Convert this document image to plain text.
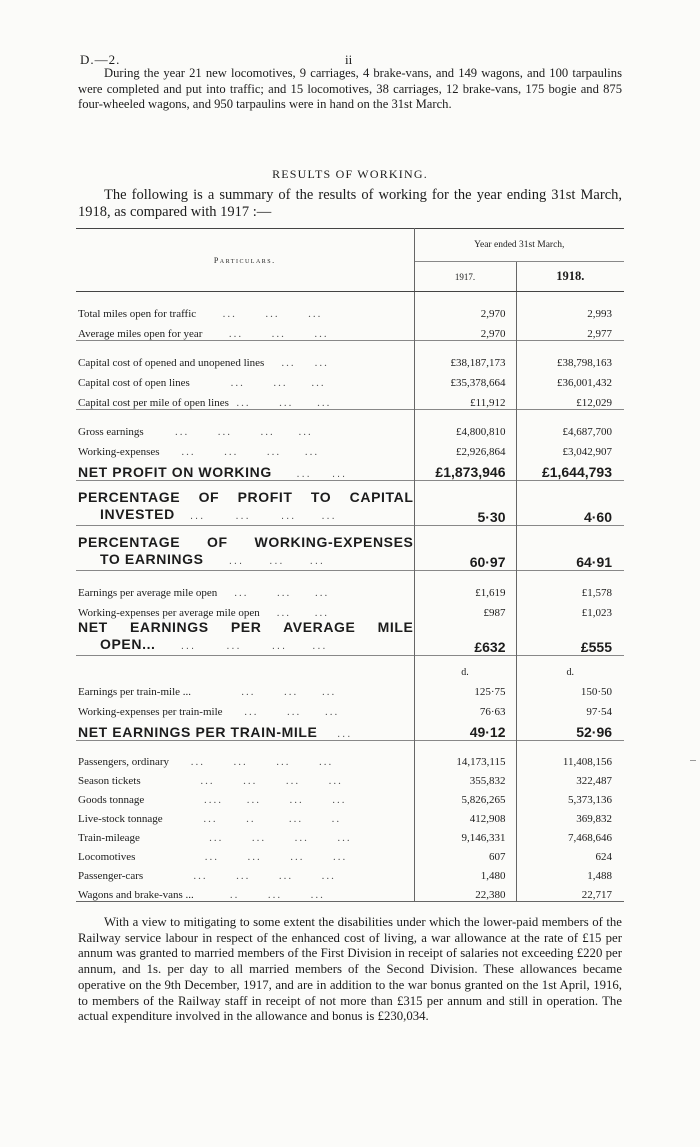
D.—2.	ii

During the year 21 new locomotives, 9 carriages, 4 brake-vans, and 149 wagons, and 100 tarpaulins were completed and put into traffic; and 15 locomotives, 38 carriages, 12 brake-vans, 175 bogie and 875 four-wheeled wagons, and 950 tarpaulins were in hand on the 31st March.

RESULTS OF WORKING.

The following is a summary of the results of working for the year ending 31st March, 1918, as compared with 1917 :—

Particulars.	Year ended 31st March,	
	1917.	1918.

Total miles open for traffic      ...      ...      ...	2,970	2,993
Average miles open for year      ...      ...      ...	2,970	2,977

Capital cost of opened and unopened lines    ...    ...	£38,187,173	£38,798,163
Capital cost of open lines         ...      ...     ...	£35,378,664	£36,001,432
Capital cost per mile of open lines  ...      ...     ...	£11,912	£12,029

Gross earnings       ...      ...      ...     ...	£4,800,810	£4,687,700
Working-expenses     ...      ...      ...     ...	£2,926,864	£3,042,907
NET PROFIT ON WORKING     ...    ...	£1,873,946	£1,644,793

PERCENTAGE OF PROFIT TO CAPITAL
INVESTED   ...      ...      ...     ...	5·30	4·60

PERCENTAGE OF WORKING-EXPENSES
TO EARNINGS     ...     ...     ...	60·97	64·91

Earnings per average mile open    ...      ...     ...	£1,619	£1,578
Working-expenses per average mile open    ...     ...	£987	£1,023

NET EARNINGS PER AVERAGE MILE
OPEN...     ...      ...      ...     ...	£632	£555

	d.	d.
Earnings per train-mile ...           ...      ...     ...	125·75	150·50
Working-expenses per train-mile     ...      ...     ...	76·63	97·54
NET EARNINGS PER TRAIN-MILE    ...	49·12	52·96

Passengers, ordinary     ...      ...      ...      ...	14,173,115	11,408,156
Season tickets             ...      ...      ...      ...	355,832	322,487
Goods tonnage             ....     ...      ...      ...	5,826,265	5,373,136
Live-stock tonnage         ...      ..       ...      ..	412,908	369,832
Train-mileage               ...      ...      ...      ...	9,146,331	7,468,646
Locomotives               ...      ...      ...      ...	607	624
Passenger-cars           ...      ...      ...      ...	1,480	1,488
Wagons and brake-vans ...        ..      ...      ...	22,380	22,717

With a view to mitigating to some extent the disabilities under which the lower-paid members of the Railway service labour in respect of the enhanced cost of living, a war allowance at the rate of £15 per annum was granted to married members of the First Division in receipt of salaries not exceeding £220 per annum, and 1s. per day to all married members of the Second Division. These allowances became operative on the 9th December, 1917, and are in addition to the war bonus granted on the 1st April, 1916, to members of the Railway staff in receipt of not more than £315 per annum and still in operation. The actual expenditure involved in the allowance and bonus is £230,034.
